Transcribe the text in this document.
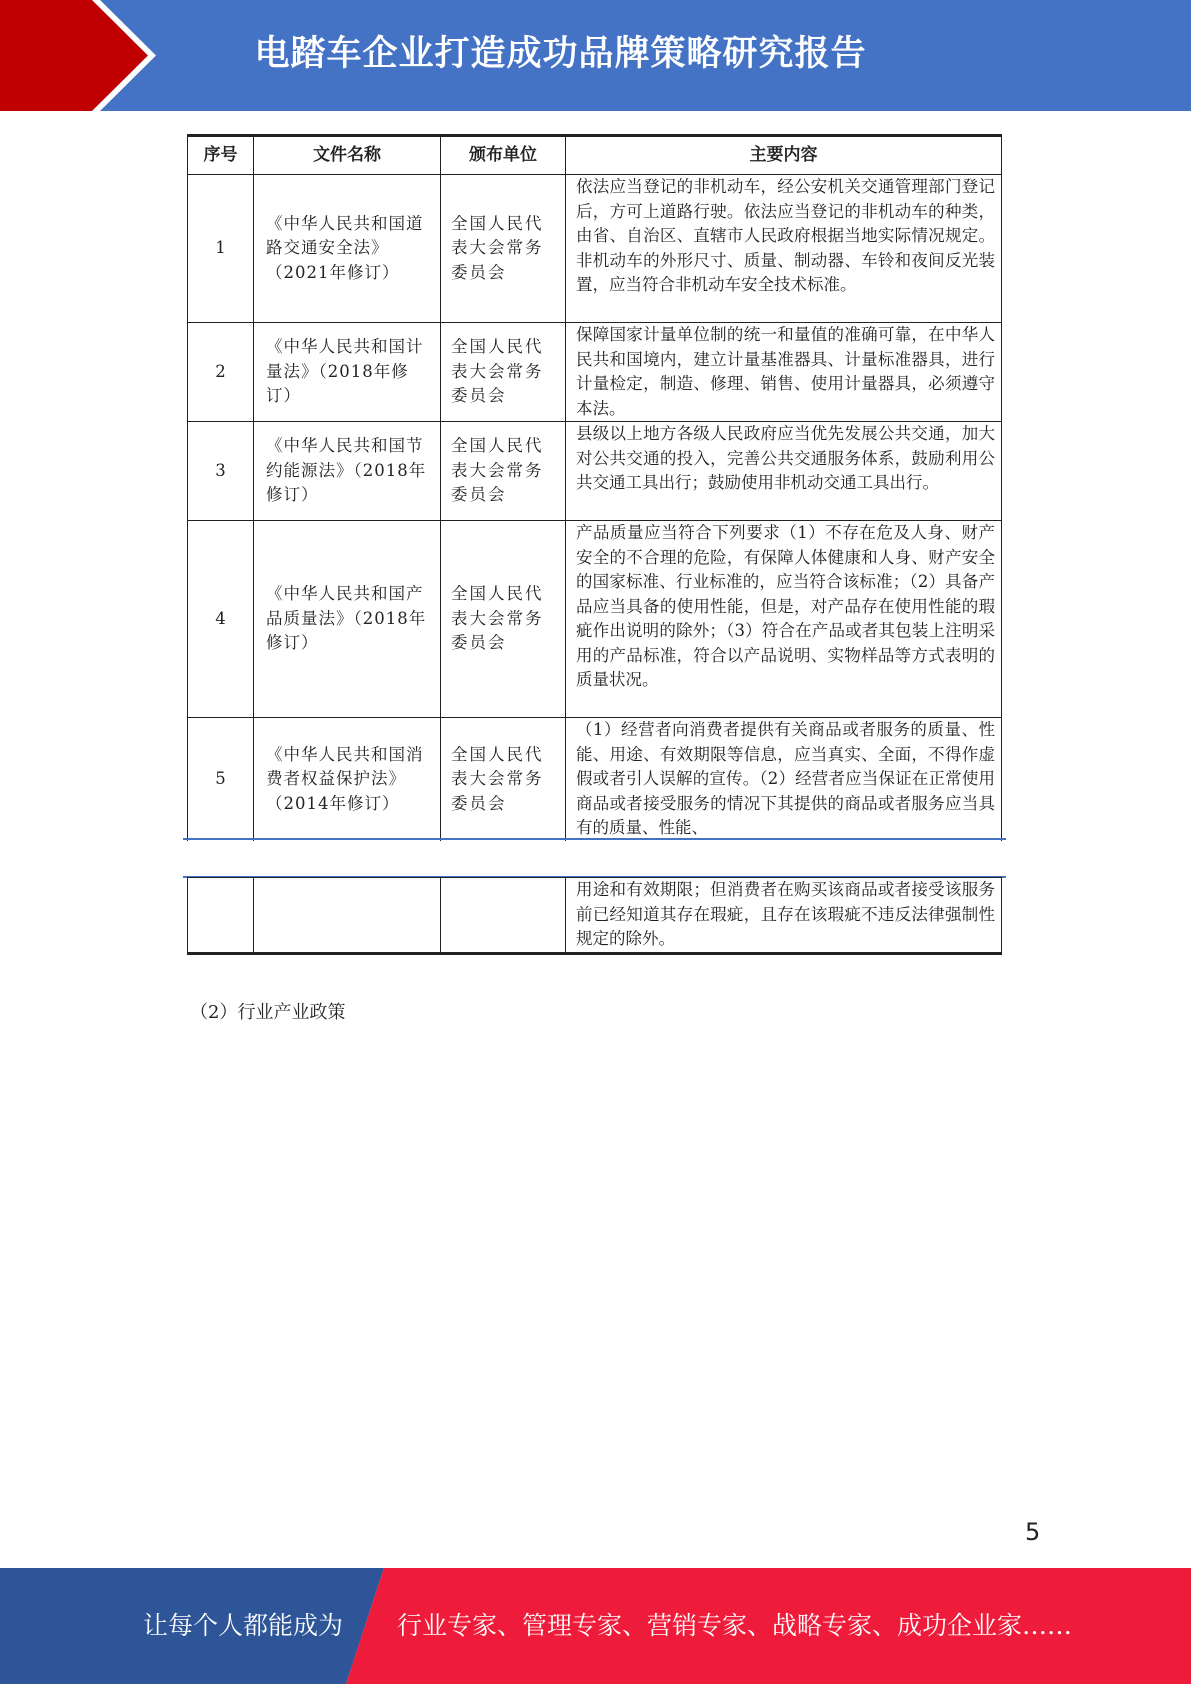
电踏车企业打造成功品牌策略研究报告
序号	文件名称	颁布单位	主要内容
1	《中华人民共和国道路交通安全法》（2021年修订）	全国人民代表大会常务委员会	依法应当登记的非机动车，经公安机关交通管理部门登记后，方可上道路行驶。依法应当登记的非机动车的种类，由省、自治区、直辖市人民政府根据当地实际情况规定。非机动车的外形尺寸、质量、制动器、车铃和夜间反光装置，应当符合非机动车安全技术标准。
2	《中华人民共和国计量法》（2018年修订）	全国人民代表大会常务委员会	保障国家计量单位制的统一和量值的准确可靠，在中华人民共和国境内，建立计量基准器具、计量标准器具，进行计量检定，制造、修理、销售、使用计量器具，必须遵守本法。
3	《中华人民共和国节约能源法》（2018年修订）	全国人民代表大会常务委员会	县级以上地方各级人民政府应当优先发展公共交通，加大对公共交通的投入，完善公共交通服务体系，鼓励利用公共交通工具出行；鼓励使用非机动交通工具出行。
4	《中华人民共和国产品质量法》（2018年修订）	全国人民代表大会常务委员会	产品质量应当符合下列要求（1）不存在危及人身、财产安全的不合理的危险，有保障人体健康和人身、财产安全的国家标准、行业标准的，应当符合该标准；（2）具备产品应当具备的使用性能，但是，对产品存在使用性能的瑕疵作出说明的除外；（3）符合在产品或者其包装上注明采用的产品标准，符合以产品说明、实物样品等方式表明的质量状况。
5	《中华人民共和国消费者权益保护法》（2014年修订）	全国人民代表大会常务委员会	（1）经营者向消费者提供有关商品或者服务的质量、性能、用途、有效期限等信息，应当真实、全面，不得作虚假或者引人误解的宣传。（2）经营者应当保证在正常使用商品或者接受服务的情况下其提供的商品或者服务应当具有的质量、性能、
			用途和有效期限；但消费者在购买该商品或者接受该服务前已经知道其存在瑕疵，且存在该瑕疵不违反法律强制性规定的除外。
（2）行业产业政策
5
让每个人都能成为 行业专家、管理专家、营销专家、战略专家、成功企业家……
